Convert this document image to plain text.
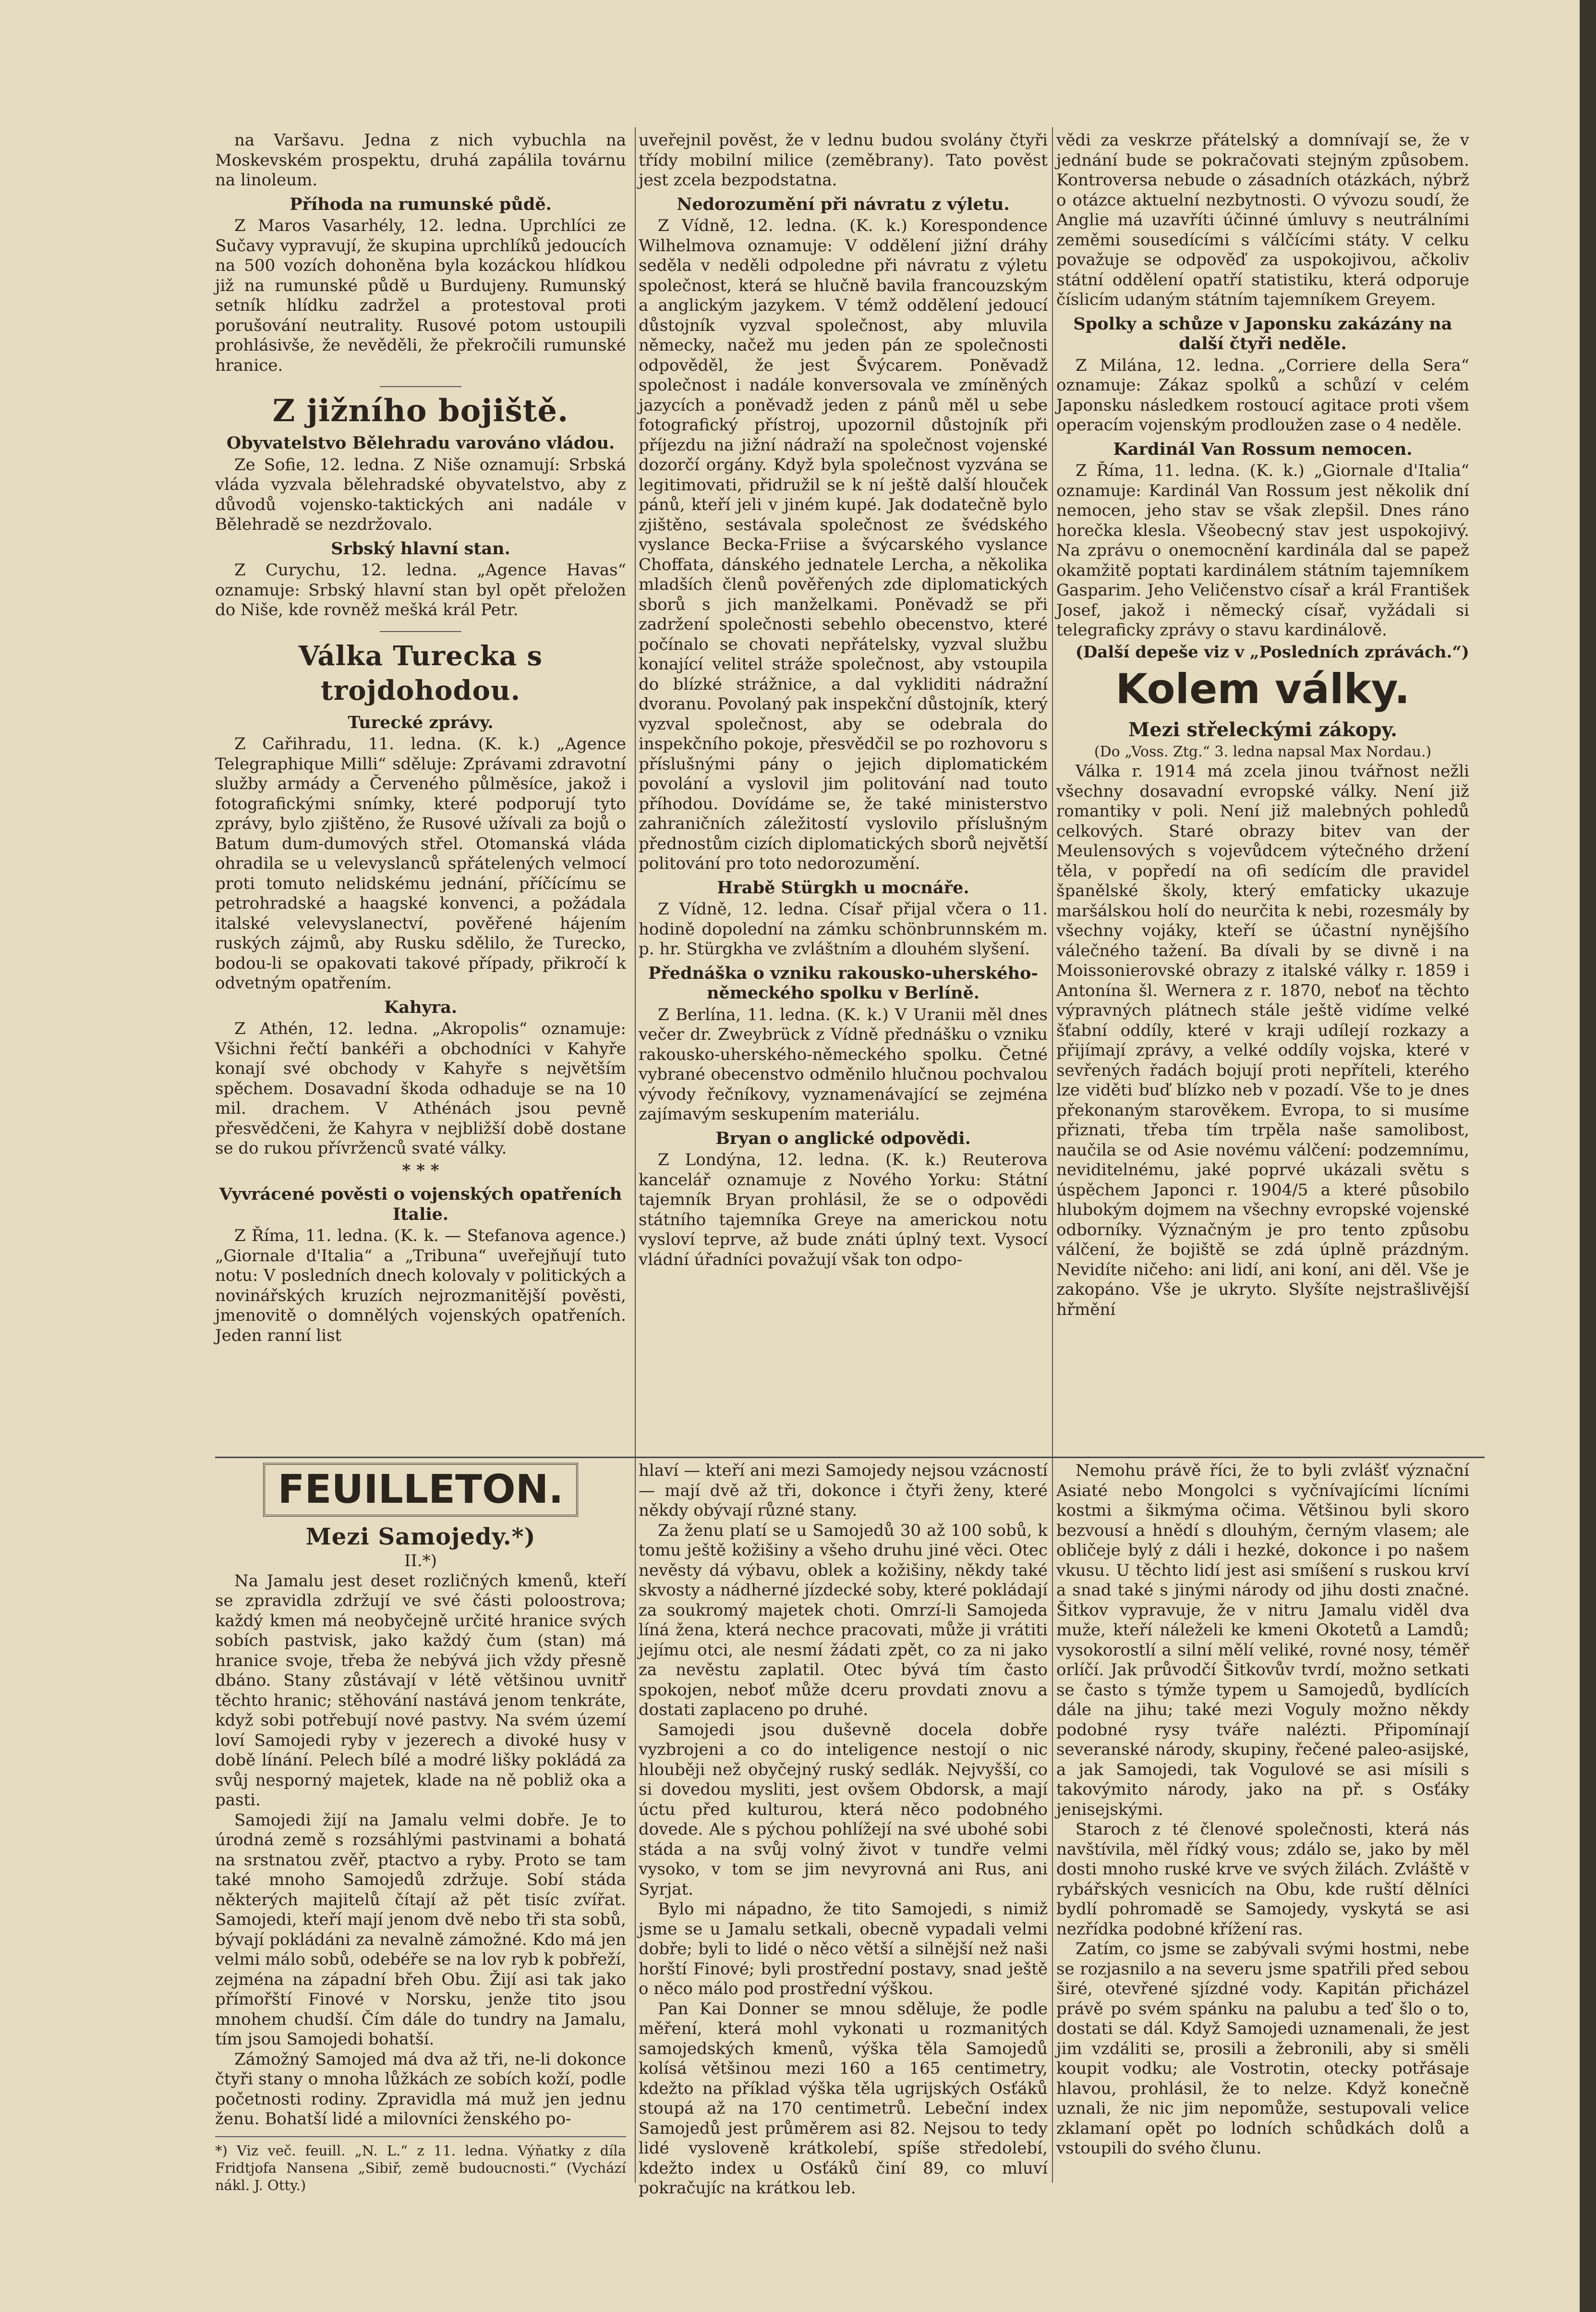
na Varšavu. Jedna z nich vybuchla na Moskevském prospektu, druhá zapálila továrnu na linoleum.

Příhoda na rumunské půdě.

Z Maros Vasarhély, 12. ledna. Uprchlíci ze Sučavy vypravují, že skupina uprchlíků jedoucích na 500 vozích dohoněna byla kozáckou hlídkou již na rumunské půdě u Burdujeny. Rumunský setník hlídku zadržel a protestoval proti porušování neutrality. Rusové potom ustoupili prohlásivše, že nevěděli, že překročili rumunské hranice.

Z jižního bojiště.
Obyvatelstvo Bělehradu varováno vládou.

Ze Sofie, 12. ledna. Z Niše oznamují: Srbská vláda vyzvala bělehradské obyvatelstvo, aby z důvodů vojensko-taktických ani nadále v Bělehradě se nezdržovalo.

Srbský hlavní stan.

Z Curychu, 12. ledna. „Agence Havas“ oznamuje: Srbský hlavní stan byl opět přeložen do Niše, kde rovněž mešká král Petr.

Válka Turecka s trojdohodou.
Turecké zprávy.

Z Cařihradu, 11. ledna. (K. k.) „Agence Telegraphique Milli“ sděluje: Zprávami zdravotní služby armády a Červeného půlměsíce, jakož i fotografickými snímky, které podporují tyto zprávy, bylo zjištěno, že Rusové užívali za bojů o Batum dum-dumových střel. Otomanská vláda ohradila se u velevyslanců spřátelených velmocí proti tomuto nelidskému jednání, příčícímu se petrohradské a haagské konvenci, a požádala italské velevyslanectví, pověřené hájením ruských zájmů, aby Rusku sdělilo, že Turecko, bodou-li se opakovati takové případy, přikročí k odvetným opatřením.

Kahyra.

Z Athén, 12. ledna. „Akropolis“ oznamuje: Všichni řečtí bankéři a obchodníci v Kahyře konají své obchody v Kahyře s největším spěchem. Dosavadní škoda odhaduje se na 10 mil. drachem. V Athénách jsou pevně přesvědčeni, že Kahyra v nejbližší době dostane se do rukou přívrženců svaté války.

* * *
Vyvrácené pověsti o vojenských opatřeních Italie.

Z Říma, 11. ledna. (K. k. — Stefanova agence.) „Giornale d'Italia“ a „Tribuna“ uveřejňují tuto notu: V posledních dnech kolovaly v politických a novinářských kruzích nejrozmanitější pověsti, jmenovitě o domnělých vojenských opatřeních. Jeden ranní list

uveřejnil pověst, že v lednu budou svolány čtyři třídy mobilní milice (zeměbrany). Tato pověst jest zcela bezpodstatna.

Nedorozumění při návratu z výletu.

Z Vídně, 12. ledna. (K. k.) Korespondence Wilhelmova oznamuje: V oddělení jižní dráhy seděla v neděli odpoledne při návratu z výletu společnost, která se hlučně bavila francouzským a anglickým jazykem. V témž oddělení jedoucí důstojník vyzval společnost, aby mluvila německy, načež mu jeden pán ze společnosti odpověděl, že jest Švýcarem. Poněvadž společnost i nadále konversovala ve zmíněných jazycích a poněvadž jeden z pánů měl u sebe fotografický přístroj, upozornil důstojník při příjezdu na jižní nádraží na společnost vojenské dozorčí orgány. Když byla společnost vyzvána se legitimovati, přidružil se k ní ještě další hlouček pánů, kteří jeli v jiném kupé. Jak dodatečně bylo zjištěno, sestávala společnost ze švédského vyslance Becka-Friise a švýcarského vyslance Choffata, dánského jednatele Lercha, a několika mladších členů pověřených zde diplomatických sborů s jich manželkami. Poněvadž se při zadržení společnosti sebehlo obecenstvo, které počínalo se chovati nepřátelsky, vyzval službu konající velitel stráže společnost, aby vstoupila do blízké strážnice, a dal vykliditi nádražní dvoranu. Povolaný pak inspekční důstojník, který vyzval společnost, aby se odebrala do inspekčního pokoje, přesvědčil se po rozhovoru s příslušnými pány o jejich diplomatickém povolání a vyslovil jim politování nad touto příhodou. Dovídáme se, že také ministerstvo zahraničních záležitostí vyslovilo příslušným přednostům cizích diplomatických sborů největší politování pro toto nedorozumění.

Hrabě Stürgkh u mocnáře.

Z Vídně, 12. ledna. Císař přijal včera o 11. hodině dopolední na zámku schönbrunnském m. p. hr. Stürgkha ve zvláštním a dlouhém slyšení.

Přednáška o vzniku rakousko-uherského-německého spolku v Berlíně.

Z Berlína, 11. ledna. (K. k.) V Uranii měl dnes večer dr. Zweybrück z Vídně přednášku o vzniku rakousko-uherského-německého spolku. Četné vybrané obecenstvo odměnilo hlučnou pochvalou vývody řečníkovy, vyznamenávající se zejména zajímavým seskupením materiálu.

Bryan o anglické odpovědi.

Z Londýna, 12. ledna. (K. k.) Reuterova kancelář oznamuje z Nového Yorku: Státní tajemník Bryan prohlásil, že se o odpovědi státního tajemníka Greye na americkou notu vysloví teprve, až bude znáti úplný text. Vysocí vládní úřadníci považují však ton odpo-

vědi za veskrze přátelský a domnívají se, že v jednání bude se pokračovati stejným způsobem. Kontroversa nebude o zásadních otázkách, nýbrž o otázce aktuelní nezbytnosti. O vývozu soudí, že Anglie má uzavříti účinné úmluvy s neutrálními zeměmi sousedícími s válčícími státy. V celku považuje se odpověď za uspokojivou, ačkoliv státní oddělení opatří statistiku, která odporuje číslicím udaným státním tajemníkem Greyem.

Spolky a schůze v Japonsku zakázány na další čtyři neděle.

Z Milána, 12. ledna. „Corriere della Sera“ oznamuje: Zákaz spolků a schůzí v celém Japonsku následkem rostoucí agitace proti všem operacím vojenským prodloužen zase o 4 neděle.

Kardinál Van Rossum nemocen.

Z Říma, 11. ledna. (K. k.) „Giornale d'Italia“ oznamuje: Kardinál Van Rossum jest několik dní nemocen, jeho stav se však zlepšil. Dnes ráno horečka klesla. Všeobecný stav jest uspokojivý. Na zprávu o onemocnění kardinála dal se papež okamžitě poptati kardinálem státním tajemníkem Gasparim. Jeho Veličenstvo císař a král František Josef, jakož i německý císař, vyžádali si telegraficky zprávy o stavu kardinálově.

(Další depeše viz v „Posledních zprávách.“)
Kolem války.
Mezi střeleckými zákopy.
(Do „Voss. Ztg.“ 3. ledna napsal Max Nordau.)

Válka r. 1914 má zcela jinou tvářnost nežli všechny dosavadní evropské války. Není již romantiky v poli. Není již malebných pohledů celkových. Staré obrazy bitev van der Meulensových s vojevůdcem výtečného držení těla, v popředí na ofi sedícím dle pravidel španělské školy, který emfaticky ukazuje maršálskou holí do neurčita k nebi, rozesmály by všechny vojáky, kteří se účastní nynějšího válečného tažení. Ba dívali by se divně i na Moissonierovské obrazy z italské války r. 1859 i Antonína šl. Wernera z r. 1870, neboť na těchto výpravných plátnech stále ještě vidíme velké šťabní oddíly, které v kraji udílejí rozkazy a přijímají zprávy, a velké oddíly vojska, které v sevřených řadách bojují proti nepříteli, kterého lze viděti buď blízko neb v pozadí. Vše to je dnes překonaným starověkem. Evropa, to si musíme přiznati, třeba tím trpěla naše samolibost, naučila se od Asie novému válčení: podzemnímu, neviditelnému, jaké poprvé ukázali světu s úspěchem Japonci r. 1904/5 a které působilo hlubokým dojmem na všechny evropské vojenské odborníky. Význačným je pro tento způsobu válčení, že bojiště se zdá úplně prázdným. Nevidíte ničeho: ani lidí, ani koní, ani děl. Vše je zakopáno. Vše je ukryto. Slyšíte nejstrašlivější hřmění

FEUILLETON.
Mezi Samojedy.*)
II.*)

Na Jamalu jest deset rozličných kmenů, kteří se zpravidla zdržují ve své části poloostrova; každý kmen má neobyčejně určité hranice svých sobích pastvisk, jako každý čum (stan) má hranice svoje, třeba že nebývá jich vždy přesně dbáno. Stany zůstávají v létě většinou uvnitř těchto hranic; stěhování nastává jenom tenkráte, když sobi potřebují nové pastvy. Na svém území loví Samojedi ryby v jezerech a divoké husy v době línání. Pelech bílé a modré lišky pokládá za svůj nesporný majetek, klade na ně pobliž oka a pasti.

Samojedi žijí na Jamalu velmi dobře. Je to úrodná země s rozsáhlými pastvinami a bohatá na srstnatou zvěř, ptactvo a ryby. Proto se tam také mnoho Samojedů zdržuje. Sobí stáda některých majitelů čítají až pět tisíc zvířat. Samojedi, kteří mají jenom dvě nebo tři sta sobů, bývají pokládáni za nevalně zámožné. Kdo má jen velmi málo sobů, odebéře se na lov ryb k pobřeží, zejména na západní břeh Obu. Žijí asi tak jako přímořští Finové v Norsku, jenže tito jsou mnohem chudší. Čím dále do tundry na Jamalu, tím jsou Samojedi bohatší.

Zámožný Samojed má dva až tři, ne-li dokonce čtyři stany o mnoha lůžkách ze sobích koží, podle početnosti rodiny. Zpravidla má muž jen jednu ženu. Bohatší lidé a milovníci ženského po-

*) Viz več. feuill. „N. L.“ z 11. ledna. Výňatky z díla Fridtjofa Nansena „Sibiř, země budoucnosti.“ (Vychází nákl. J. Otty.)

hlaví — kteří ani mezi Samojedy nejsou vzácností — mají dvě až tři, dokonce i čtyři ženy, které někdy obývají různé stany.

Za ženu platí se u Samojedů 30 až 100 sobů, k tomu ještě kožišiny a všeho druhu jiné věci. Otec nevěsty dá výbavu, oblek a kožišiny, někdy také skvosty a nádherné jízdecké soby, které pokládají za soukromý majetek choti. Omrzí-li Samojeda líná žena, která nechce pracovati, může ji vrátiti jejímu otci, ale nesmí žádati zpět, co za ni jako za nevěstu zaplatil. Otec bývá tím často spokojen, neboť může dceru provdati znovu a dostati zaplaceno po druhé.

Samojedi jsou duševně docela dobře vyzbrojeni a co do inteligence nestojí o nic hlouběji než obyčejný ruský sedlák. Nejvyšší, co si dovedou mysliti, jest ovšem Obdorsk, a mají úctu před kulturou, která něco podobného dovede. Ale s pýchou pohlížejí na své ubohé sobi stáda a na svůj volný život v tundře velmi vysoko, v tom se jim nevyrovná ani Rus, ani Syrjat.

Bylo mi nápadno, že tito Samojedi, s nimiž jsme se u Jamalu setkali, obecně vypadali velmi dobře; byli to lidé o něco větší a silnější než naši horští Finové; byli prostřední postavy, snad ještě o něco málo pod prostřední výškou.

Pan Kai Donner se mnou sděluje, že podle měření, která mohl vykonati u rozmanitých samojedských kmenů, výška těla Samojedů kolísá většinou mezi 160 a 165 centimetry, kdežto na příklad výška těla ugrijských Osťáků stoupá až na 170 centimetrů. Lebeční index Samojedů jest průměrem asi 82. Nejsou to tedy lidé vysloveně krátkolebí, spíše středolebí, kdežto index u Osťáků činí 89, co mluví pokračujíc na krátkou leb.

Nemohu právě říci, že to byli zvlášť význační Asiaté nebo Mongolci s vyčnívajícími lícními kostmi a šikmýma očima. Většinou byli skoro bezvousí a hnědí s dlouhým, černým vlasem; ale obličeje bylý z dáli i hezké, dokonce i po našem vkusu. U těchto lidí jest asi smíšení s ruskou krví a snad také s jinými národy od jihu dosti značné. Šitkov vypravuje, že v nitru Jamalu viděl dva muže, kteří náleželi ke kmeni Okotetů a Lamdů; vysokorostlí a silní mělí veliké, rovné nosy, téměř orlíčí. Jak průvodčí Šitkovův tvrdí, možno setkati se často s týmže typem u Samojedů, bydlících dále na jihu; také mezi Voguly možno někdy podobné rysy tváře nalézti. Připomínají severanské národy, skupiny, řečené paleo-asijské, a jak Samojedi, tak Vogulové se asi mísili s takovýmito národy, jako na př. s Osťáky jenisejskými.

Staroch z té členové společnosti, která nás navštívila, měl řídký vous; zdálo se, jako by měl dosti mnoho ruské krve ve svých žilách. Zvláště v rybářských vesnicích na Obu, kde ruští dělníci bydlí pohromadě se Samojedy, vyskytá se asi nezřídka podobné křížení ras.

Zatím, co jsme se zabývali svými hostmi, nebe se rozjasnilo a na severu jsme spatřili před sebou širé, otevřené sjízdné vody. Kapitán přicházel právě po svém spánku na palubu a teď šlo o to, dostati se dál. Když Samojedi uznamenali, že jest jim vzdáliti se, prosili a žebronili, aby si směli koupit vodku; ale Vostrotin, otecky potřásaje hlavou, prohlásil, že to nelze. Když konečně uznali, že nic jim nepomůže, sestupovali velice zklamaní opět po lodních schůdkách dolů a vstoupili do svého člunu.
